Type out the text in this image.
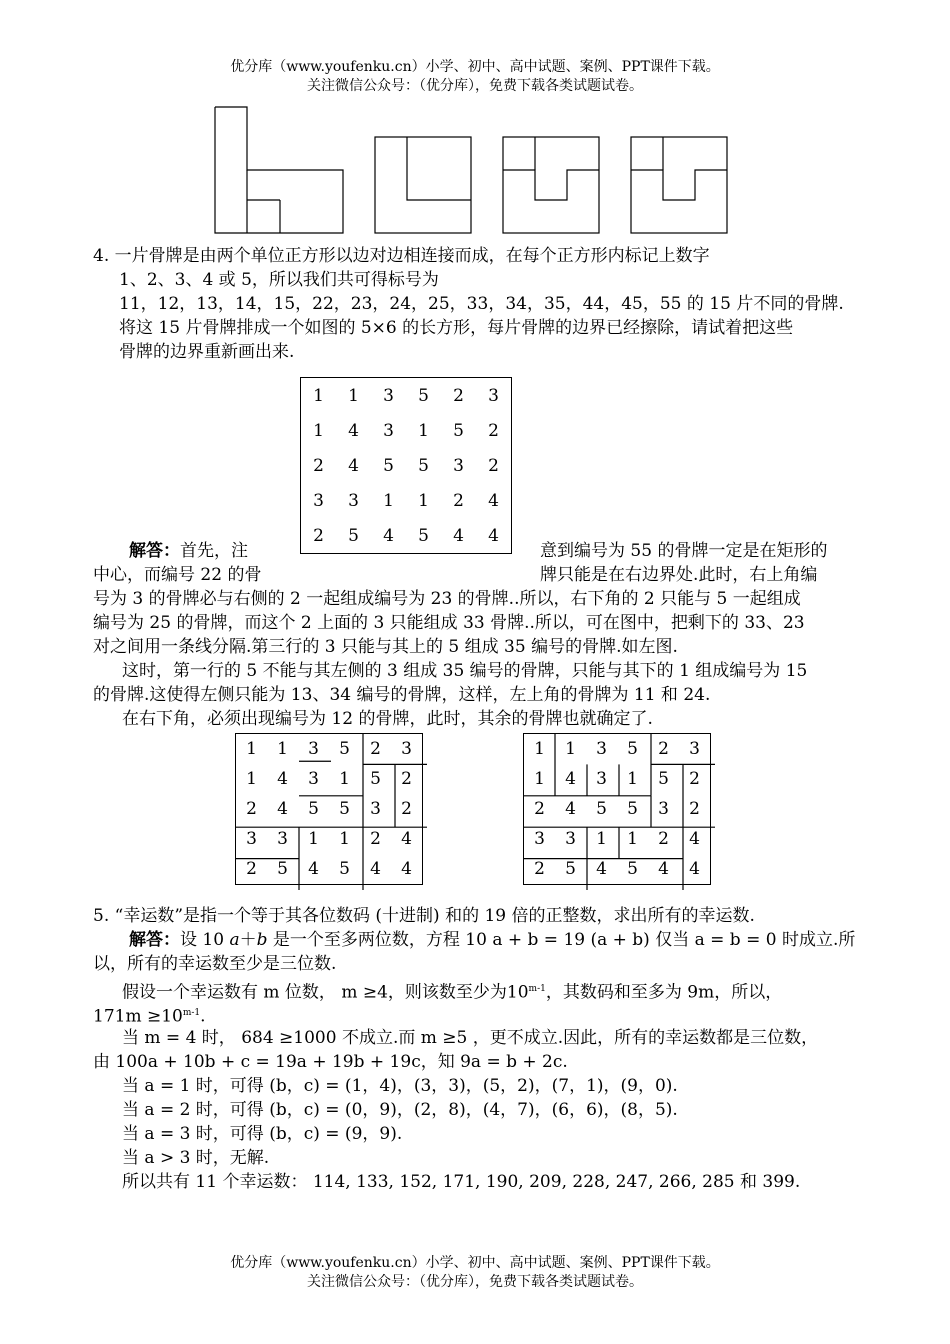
优分库（www.youfenku.cn）小学、初中、高中试题、案例、PPT课件下载。
关注微信公众号：（优分库），免费下载各类试题试卷。
4. 一片骨牌是由两个单位正方形以边对边相连接而成，在每个正方形内标记上数字
1、2、3、4 或 5，所以我们共可得标号为
11，12，13，14，15，22，23，24，25，33，34，35，44，45，55 的 15 片不同的骨牌.
将这 15 片骨牌排成一个如图的 5×6 的长方形，每片骨牌的边界已经擦除，请试着把这些
骨牌的边界重新画出来.
1	1	3	5	2	3
1	4	3	1	5	2
2	4	5	5	3	2
3	3	1	1	2	4
2	5	4	5	4	4
解答：首先，注	意到编号为 55 的骨牌一定是在矩形的
中心，而编号 22 的骨	牌只能是在右边界处.此时，右上角编
号为 3 的骨牌必与右侧的 2 一起组成编号为 23 的骨牌..所以，右下角的 2 只能与 5 一起组成
编号为 25 的骨牌，而这个 2 上面的 3 只能组成 33 骨牌..所以，可在图中，把剩下的 33、23
对之间用一条线分隔.第三行的 3 只能与其上的 5 组成 35 编号的骨牌.如左图.
这时，第一行的 5 不能与其左侧的 3 组成 35 编号的骨牌，只能与其下的 1 组成编号为 15
的骨牌.这使得左侧只能为 13、34 编号的骨牌，这样，左上角的骨牌为 11 和 24.
在右下角，必须出现编号为 12 的骨牌，此时，其余的骨牌也就确定了.
1	1	3	5	2	3
1	4	3	1	5	2
2	4	5	5	3	2
3	3	1	1	2	4
2	5	4	5	4	4
1	1	3	5	2	3
1	4	3	1	5	2
2	4	5	5	3	2
3	3	1	1	2	4
2	5	4	5	4	4
5. “幸运数”是指一个等于其各位数码 (十进制) 和的 19 倍的正整数，求出所有的幸运数.
解答：设 10 a＋b 是一个至多两位数，方程 10 a + b = 19 (a + b) 仅当 a = b = 0 时成立.所
以，所有的幸运数至少是三位数.
假设一个幸运数有 m 位数， m ≥4，则该数至少为10$^{m-1}$，其数码和至多为 9m，所以，
$171m \ge 10^{m-1}$.
当 m = 4 时， 684 ≥1000 不成立.而 m ≥5 ，更不成立.因此，所有的幸运数都是三位数，
由 100a + 10b + c = 19a + 19b + 19c，知 9a = b + 2c.
当 a = 1 时，可得 (b，c) = (1，4)，(3，3)，(5，2)，(7，1)，(9，0).
当 a = 2 时，可得 (b，c) = (0，9)，(2，8)，(4，7)，(6，6)，(8，5).
当 a = 3 时，可得 (b，c) = (9，9).
当 a > 3 时，无解.
所以共有 11 个幸运数： 114, 133, 152, 171, 190, 209, 228, 247, 266, 285 和 399.
优分库（www.youfenku.cn）小学、初中、高中试题、案例、PPT课件下载。
关注微信公众号：（优分库），免费下载各类试题试卷。
